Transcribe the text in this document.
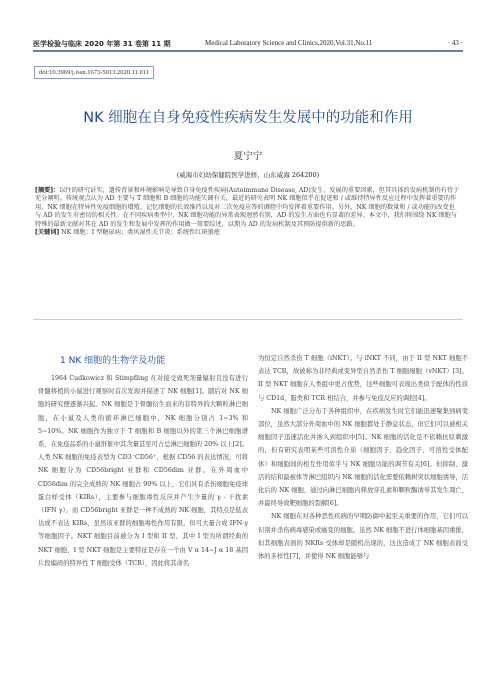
医学检验与临床 2020 年第 31 卷第 11 期	Medical Laboratory Science and Clinics,2020,Vol.31,No.11	· 43 ·
doi:10.3969/j.issn.1673-5013.2020.11.011
NK 细胞在自身免疫性疾病发生发展中的功能和作用
夏宁宁
(威海市妇幼保健院医学进修，山东威海 264200)

[摘要]：以往的研究证实，遗传背景和环境影响是导致自身免疫性疾病(Autoimmune Disease, AD)发生、发展的重要因素，但其具体的发病机制仍有待于充分阐明。传统观点认为 AD 主要与 T 细胞和 B 细胞的功能失调有关，最近的研究表明 NK 细胞似乎在促进和 / 或维持特异性反应过程中发挥着重要的作用。NK 细胞在特异性免疫细胞的增殖、记忆细胞的长效维持以及对二次免疫应答的调控中均发挥着重要作用。另外，NK 细胞的数量和 / 或功能的改变也与 AD 的发生有密切的相关性。在不同疾病类型中，NK 细胞功能的异常表现迥然有别，AD 的发生方面也有显著的差异。本文中，我们将围绕 NK 细胞与特殊的最新文献对其在 AD 的发生和发展中发挥的作用做一简要综述，以期为 AD 的发病机制及其预防提供新的思路。

[关键词] NK 细胞；I 型糖尿病；类风湿性关节炎；系统性红斑狼疮

1 NK 细胞的生物学及功能

1964 Cudkowicz 和 Stimpfling 在对接受致死剂量辐射且没有进行骨髓移植的小鼠进行观察时首次发现并描述了 NK 细胞[1]。随后对 NK 细胞的研究便逐渐兴起。NK 细胞是于骨髓衍生而来的非特异的大颗粒淋巴细胞，在小鼠及人类的循环淋巴细胞中，NK 细胞分别占 1~3% 和 5~10%。NK 细胞作为独立于 T 细胞和 B 细胞以外的第三个淋巴细胞谱系，在免疫品系的小鼠肝脏中其含量甚至可占总淋巴细胞的 20% 以上[2]。人类 NK 细胞的免疫表型为 CD3⁻CD56⁺，根据 CD56 的表达情况，可将 NK 细胞分为 CD56bright 亚群和 CD56dim 亚群。在外周血中 CD56dim 的完全成熟的 NK 细胞占 90% 以上，它们具有杀伤细胞免疫球蛋白样受体（KIRs），主要参与细胞毒性反应并产生少量的 γ - 干扰素（IFN γ）。而 CD56bright 亚群是一种不成熟的 NK 细胞，其特点是低表达或不表达 KIRs，虽然该亚群的细胞毒性作用有限，但可大量合成 IFN-γ 等细胞因子。NKT 细胞目前被分为 I 型和 II 型，其中 I 型为所谓经典的 NKT 细胞，I 型 NKT 细胞是主要特征是存在一个由 V α 14~J α 18 基因片段编码的特异性 T 细胞受体（TCR），因此将其命名

为恒定自然杀伤 T 细胞（iNKT）。与 iNKT 不同，由于 II 型 NKT 细胞不表达 TCR，故被称为非经典或变异型自然杀伤 T 细胞细胞（vNKT）[3]。II 型 NKT 细胞在人类组中更占优势，这些细胞可表现出类似于配体的性质与 CD1d，脂类和 TCR 相结合，并参与免疫反应的调控[4]。

NK 细胞广泛分布于各种组织中，在疾病发生时它们能迅速聚集到病变部位，虽然大部分外周血中的 NK 细胞都处于静息状态，但它们可以被相关细胞因子迅速活化并渗入到组织中[5]。NK 细胞的活化是不依赖抗原刺激的，但有研究表明某些可溶性介质（细胞因子、趋化因子、可溶性受体配体）和细胞间的相互作用似乎与 NK 细胞功能的调节有关[6]。但抑制、激活的结和最被体等淋巴组织内 NK 细胞的活化需要依赖树突状细胞诱导，活化后的 NK 细胞，通过向淋巴细胞内释放穿孔素和颗粒酶诱导其发生凋亡，并最终导致靶细胞的裂解[6]。

NK 细胞在对各种恶性疾病的早期防御中起至关重要的作用，它们可以识别并杀伤病毒感染或癌变的细胞。虽然 NK 细胞不进行体细胞基因重排，但其细胞表面的 NKRs 受体却是随机出现的，这也造成了 NK 细胞表面受体的多样性[7]，并使得 NK 细胞能够与
